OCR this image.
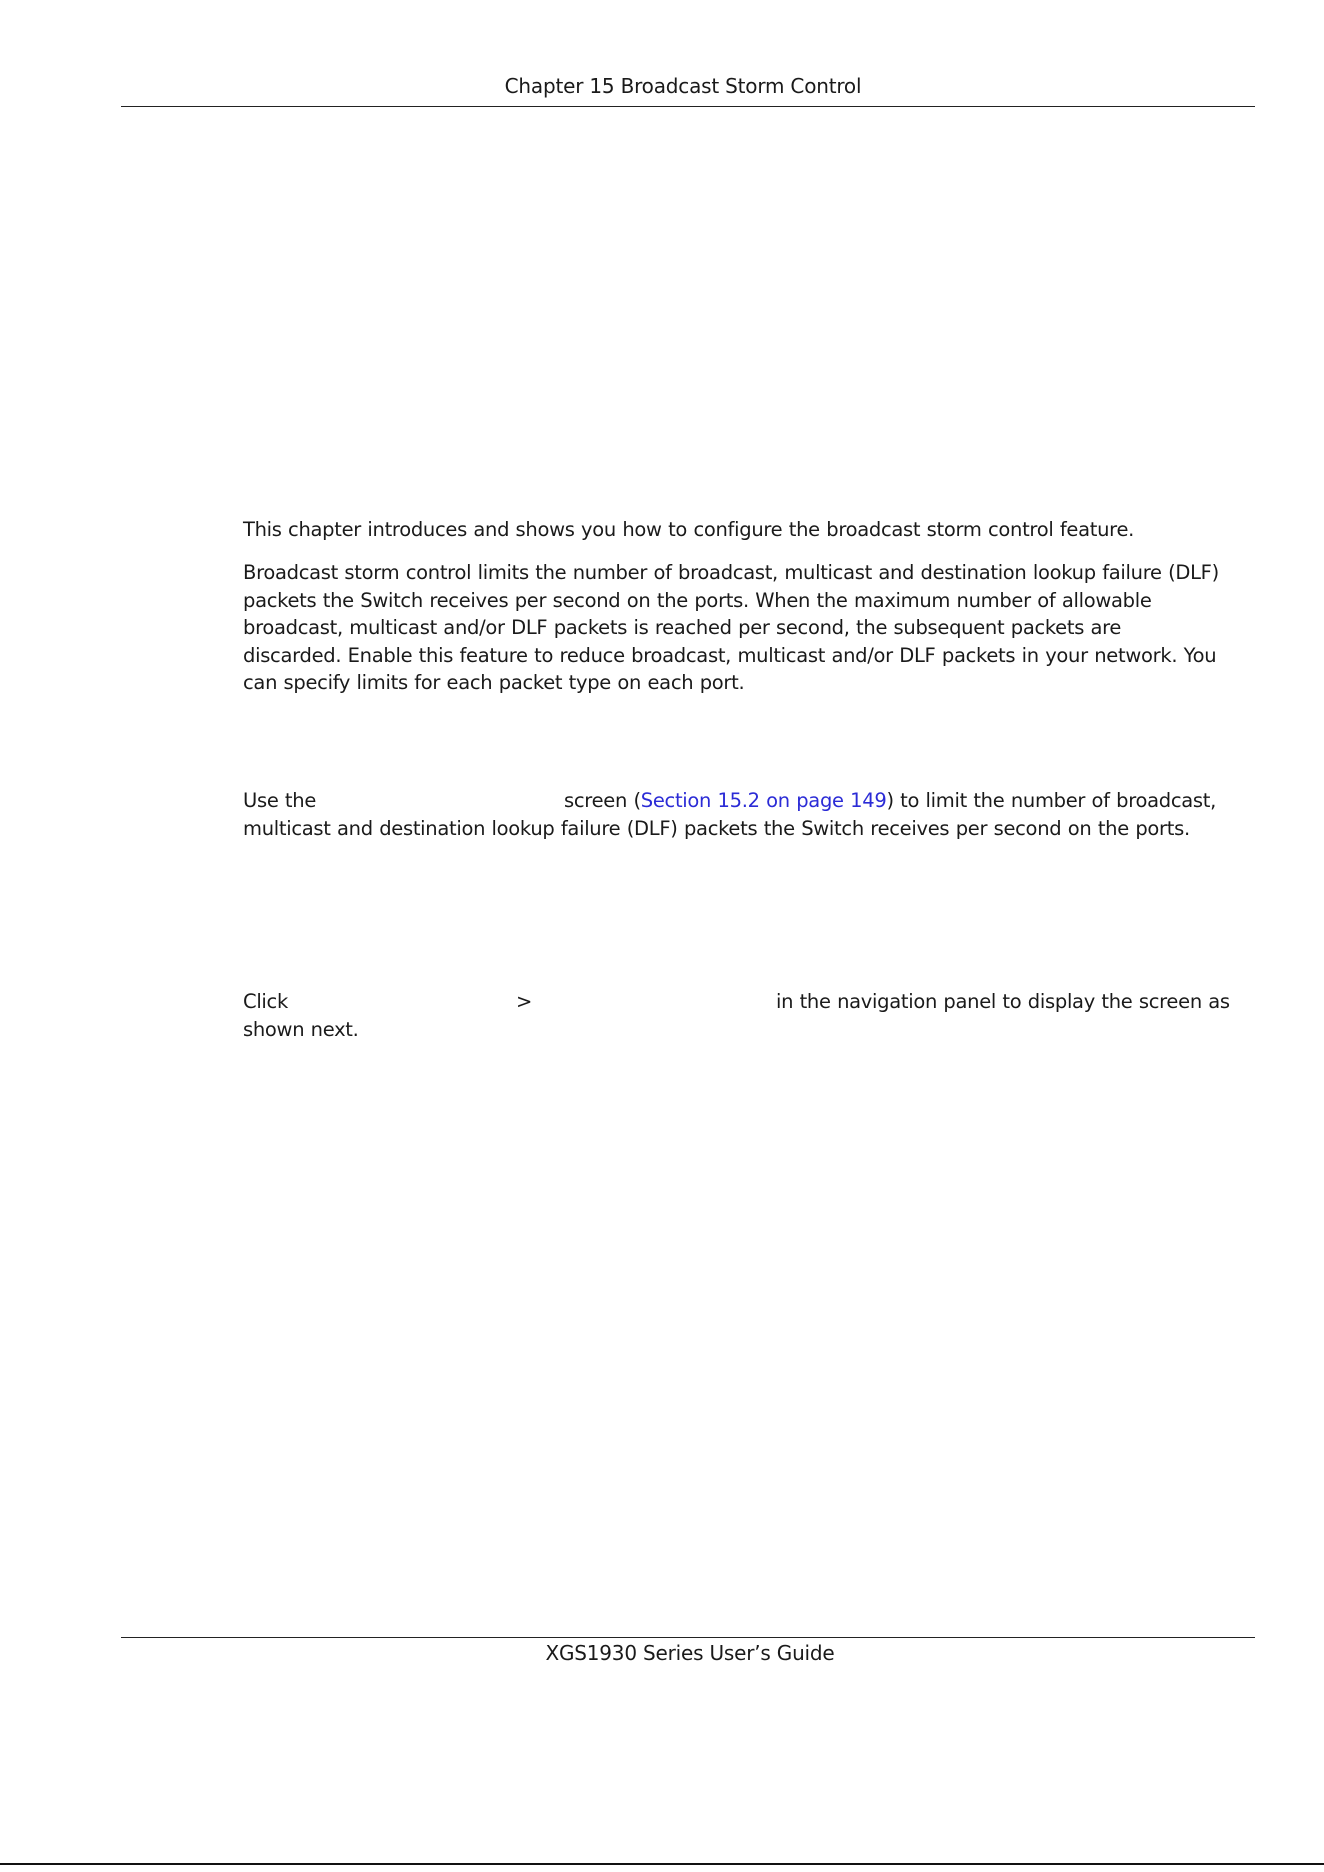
Chapter 15 Broadcast Storm Control

This chapter introduces and shows you how to configure the broadcast storm control feature.

Broadcast storm control limits the number of broadcast, multicast and destination lookup failure (DLF)
packets the Switch receives per second on the ports. When the maximum number of allowable
broadcast, multicast and/or DLF packets is reached per second, the subsequent packets are
discarded. Enable this feature to reduce broadcast, multicast and/or DLF packets in your network. You
can specify limits for each packet type on each port.

Use the	screen (Section 15.2 on page 149) to limit the number of broadcast,
multicast and destination lookup failure (DLF) packets the Switch receives per second on the ports.

Click	>	in the navigation panel to display the screen as
shown next.

XGS1930 Series User’s Guide
